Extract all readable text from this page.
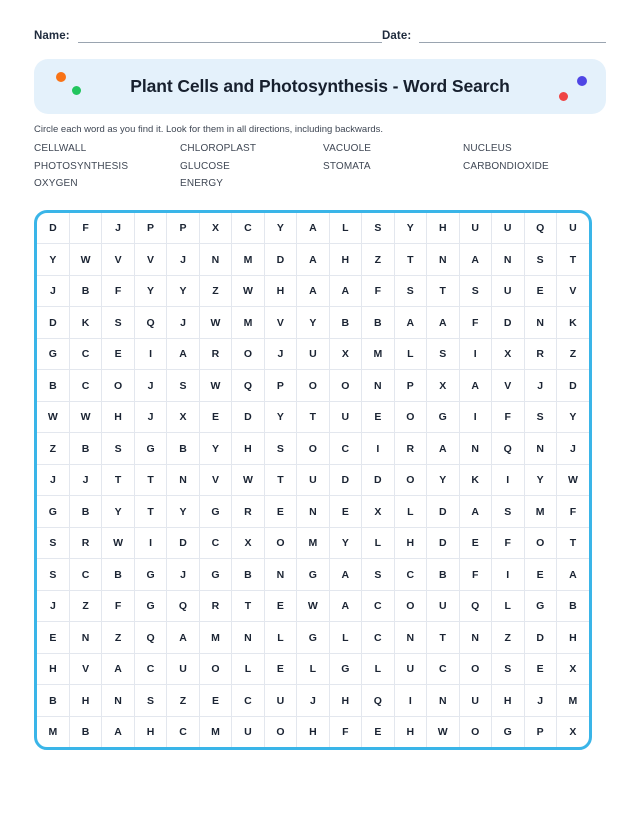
Name:	Date:
Plant Cells and Photosynthesis - Word Search
Circle each word as you find it. Look for them in all directions, including backwards.
CELLWALL	CHLOROPLAST	VACUOLE	NUCLEUS
PHOTOSYNTHESIS	GLUCOSE	STOMATA	CARBONDIOXIDE
OXYGEN	ENERGY
D	F	J	P	P	X	C	Y	A	L	S	Y	H	U	U	Q	U
Y	W	V	V	J	N	M	D	A	H	Z	T	N	A	N	S	T
J	B	F	Y	Y	Z	W	H	A	A	F	S	T	S	U	E	V
D	K	S	Q	J	W	M	V	Y	B	B	A	A	F	D	N	K
G	C	E	I	A	R	O	J	U	X	M	L	S	I	X	R	Z
B	C	O	J	S	W	Q	P	O	O	N	P	X	A	V	J	D
W	W	H	J	X	E	D	Y	T	U	E	O	G	I	F	S	Y
Z	B	S	G	B	Y	H	S	O	C	I	R	A	N	Q	N	J
J	J	T	T	N	V	W	T	U	D	D	O	Y	K	I	Y	W
G	B	Y	T	Y	G	R	E	N	E	X	L	D	A	S	M	F
S	R	W	I	D	C	X	O	M	Y	L	H	D	E	F	O	T
S	C	B	G	J	G	B	N	G	A	S	C	B	F	I	E	A
J	Z	F	G	Q	R	T	E	W	A	C	O	U	Q	L	G	B
E	N	Z	Q	A	M	N	L	G	L	C	N	T	N	Z	D	H
H	V	A	C	U	O	L	E	L	G	L	U	C	O	S	E	X
B	H	N	S	Z	E	C	U	J	H	Q	I	N	U	H	J	M
M	B	A	H	C	M	U	O	H	F	E	H	W	O	G	P	X
